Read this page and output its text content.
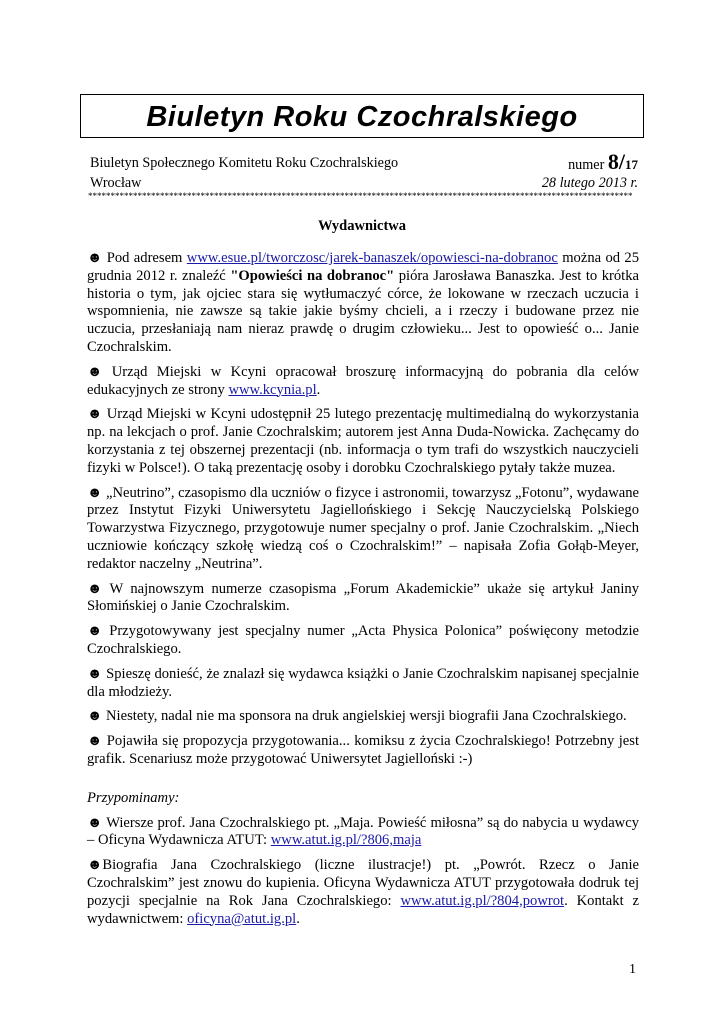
Biuletyn Roku Czochralskiego
Biuletyn Społecznego Komitetu Roku Czochralskiego	numer 8/17
Wrocław	28 lutego 2013 r.
*************************************************************************************************************************
Wydawnictwa

☻ Pod adresem www.esue.pl/tworczosc/jarek-banaszek/opowiesci-na-dobranoc można od 25 grudnia 2012 r. znaleźć "Opowieści na dobranoc" pióra Jarosława Banaszka. Jest to krótka historia o tym, jak ojciec stara się wytłumaczyć córce, że lokowane w rzeczach uczucia i wspomnienia, nie zawsze są takie jakie byśmy chcieli, a i rzeczy i budowane przez nie uczucia, przesłaniają nam nieraz prawdę o drugim człowieku... Jest to opowieść o... Janie Czochralskim.

☻ Urząd Miejski w Kcyni opracował broszurę informacyjną do pobrania dla celów edukacyjnych ze strony www.kcynia.pl.

☻ Urząd Miejski w Kcyni udostępnił 25 lutego prezentację multimedialną do wykorzystania np. na lekcjach o prof. Janie Czochralskim; autorem jest Anna Duda-Nowicka. Zachęcamy do korzystania z tej obszernej prezentacji (nb. informacja o tym trafi do wszystkich nauczycieli fizyki w Polsce!). O taką prezentację osoby i dorobku Czochralskiego pytały także muzea.

☻ „Neutrino”, czasopismo dla uczniów o fizyce i astronomii, towarzysz „Fotonu”, wydawane przez Instytut Fizyki Uniwersytetu Jagiellońskiego i Sekcję Nauczycielską Polskiego Towarzystwa Fizycznego, przygotowuje numer specjalny o prof. Janie Czochralskim. „Niech uczniowie kończący szkołę wiedzą coś o Czochralskim!” – napisała Zofia Gołąb-Meyer, redaktor naczelny „Neutrina”.

☻ W najnowszym numerze czasopisma „Forum Akademickie” ukaże się artykuł Janiny Słomińskiej o Janie Czochralskim.

☻ Przygotowywany jest specjalny numer „Acta Physica Polonica” poświęcony metodzie Czochralskiego.

☻ Spieszę donieść, że znalazł się wydawca książki o Janie Czochralskim napisanej specjalnie dla młodzieży.

☻ Niestety, nadal nie ma sponsora na druk angielskiej wersji biografii Jana Czochralskiego.

☻ Pojawiła się propozycja przygotowania... komiksu z życia Czochralskiego! Potrzebny jest grafik. Scenariusz może przygotować Uniwersytet Jagielloński :-)

Przypominamy:

☻ Wiersze prof. Jana Czochralskiego pt. „Maja. Powieść miłosna” są do nabycia u wydawcy – Oficyna Wydawnicza ATUT: www.atut.ig.pl/?806,maja

☻Biografia Jana Czochralskiego (liczne ilustracje!) pt. „Powrót. Rzecz o Janie Czochralskim” jest znowu do kupienia. Oficyna Wydawnicza ATUT przygotowała dodruk tej pozycji specjalnie na Rok Jana Czochralskiego: www.atut.ig.pl/?804,powrot. Kontakt z wydawnictwem: oficyna@atut.ig.pl.

1
